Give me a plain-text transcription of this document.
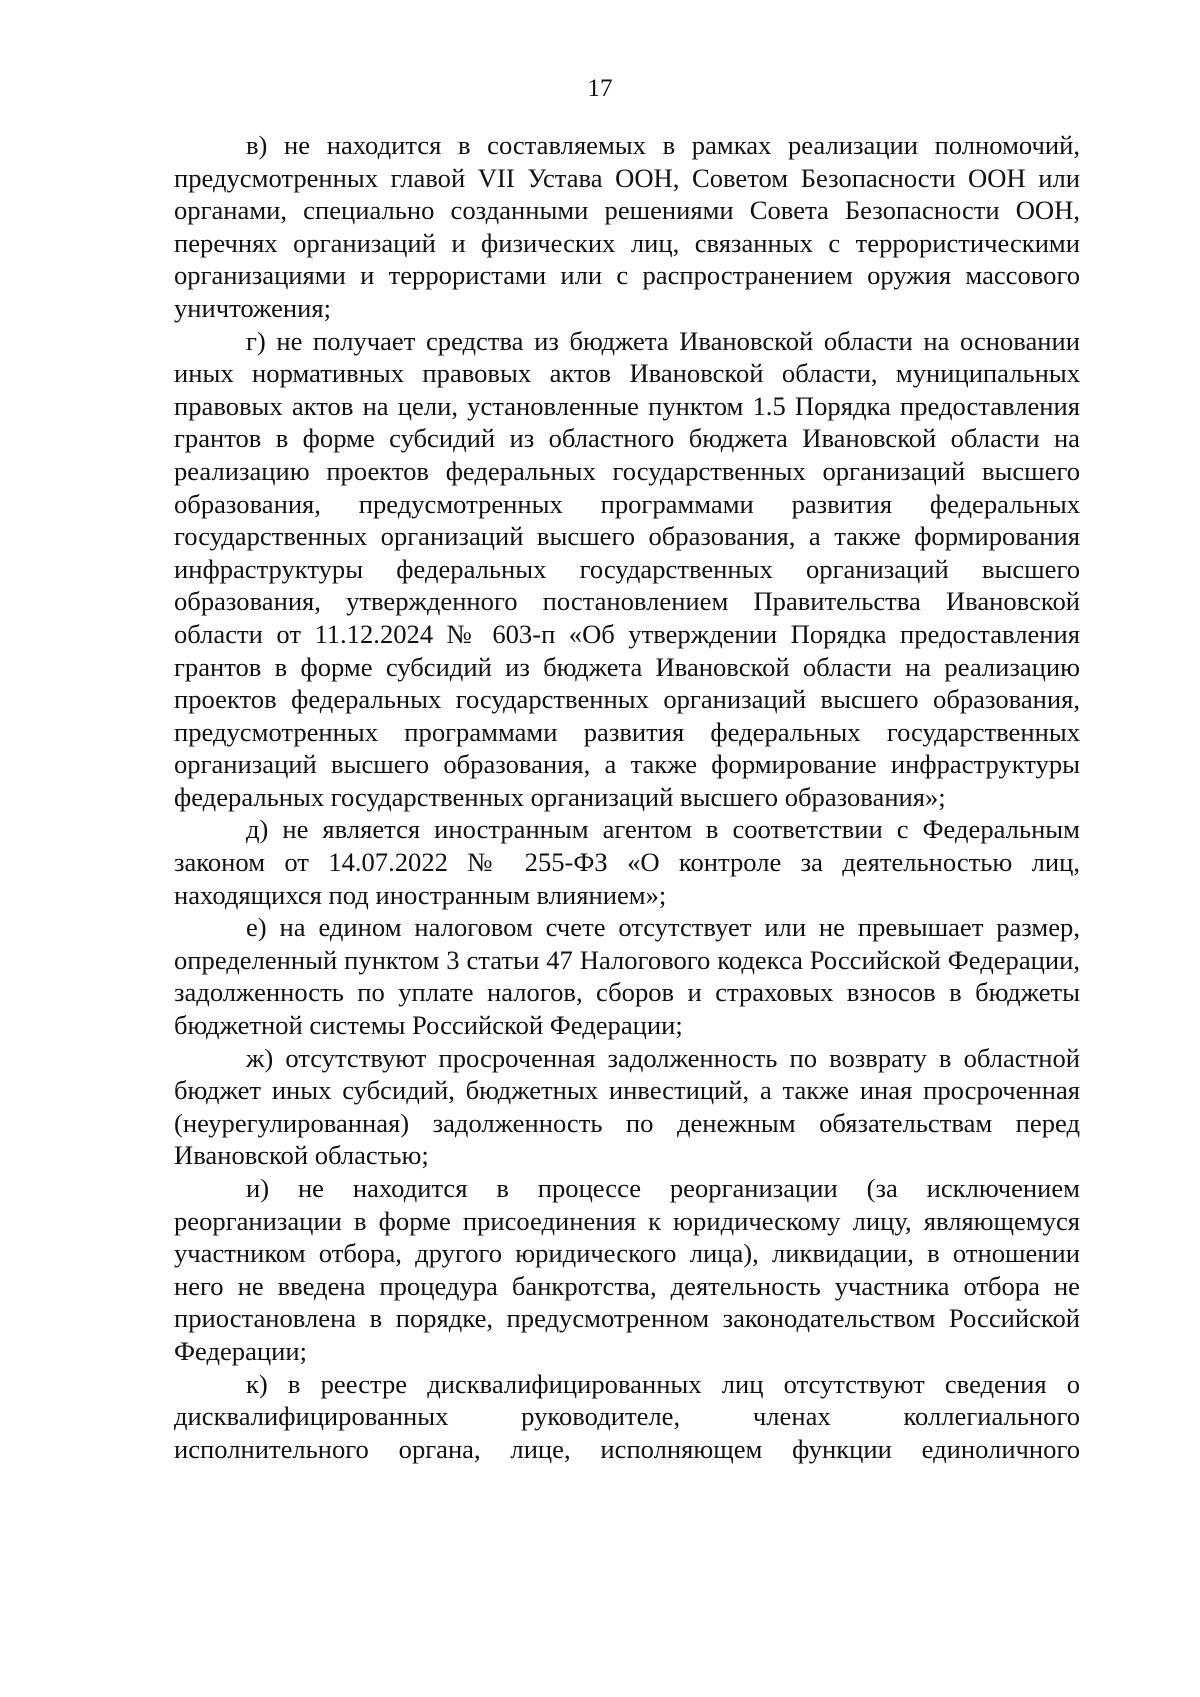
17

в) не находится в составляемых в рамках реализации полномочий, предусмотренных главой VII Устава ООН, Советом Безопасности ООН или органами, специально созданными решениями Совета Безопасности ООН, перечнях организаций и физических лиц, связанных с террористическими организациями и террористами или с распространением оружия массового уничтожения;

г) не получает средства из бюджета Ивановской области на основании иных нормативных правовых актов Ивановской области, муниципальных правовых актов на цели, установленные пунктом 1.5 Порядка предоставления грантов в форме субсидий из областного бюджета Ивановской области на реализацию проектов федеральных государственных организаций высшего образования, предусмотренных программами развития федеральных государственных организаций высшего образования, а также формирования инфраструктуры федеральных государственных организаций высшего образования, утвержденного постановлением Правительства Ивановской области от 11.12.2024 № 603-п «Об утверждении Порядка предоставления грантов в форме субсидий из бюджета Ивановской области на реализацию проектов федеральных государственных организаций высшего образования, предусмотренных программами развития федеральных государственных организаций высшего образования, а также формирование инфраструктуры федеральных государственных организаций высшего образования»;

д) не является иностранным агентом в соответствии с Федеральным законом от 14.07.2022 № 255-ФЗ «О контроле за деятельностью лиц, находящихся под иностранным влиянием»;

е) на едином налоговом счете отсутствует или не превышает размер, определенный пунктом 3 статьи 47 Налогового кодекса Российской Федерации, задолженность по уплате налогов, сборов и страховых взносов в бюджеты бюджетной системы Российской Федерации;

ж) отсутствуют просроченная задолженность по возврату в областной бюджет иных субсидий, бюджетных инвестиций, а также иная просроченная (неурегулированная) задолженность по денежным обязательствам перед Ивановской областью;

и) не находится в процессе реорганизации (за исключением реорганизации в форме присоединения к юридическому лицу, являющемуся участником отбора, другого юридического лица), ликвидации, в отношении него не введена процедура банкротства, деятельность участника отбора не приостановлена в порядке, предусмотренном законодательством Российской Федерации;

к) в реестре дисквалифицированных лиц отсутствуют сведения о дисквалифицированных руководителе, членах коллегиального исполнительного органа, лице, исполняющем функции единоличного
